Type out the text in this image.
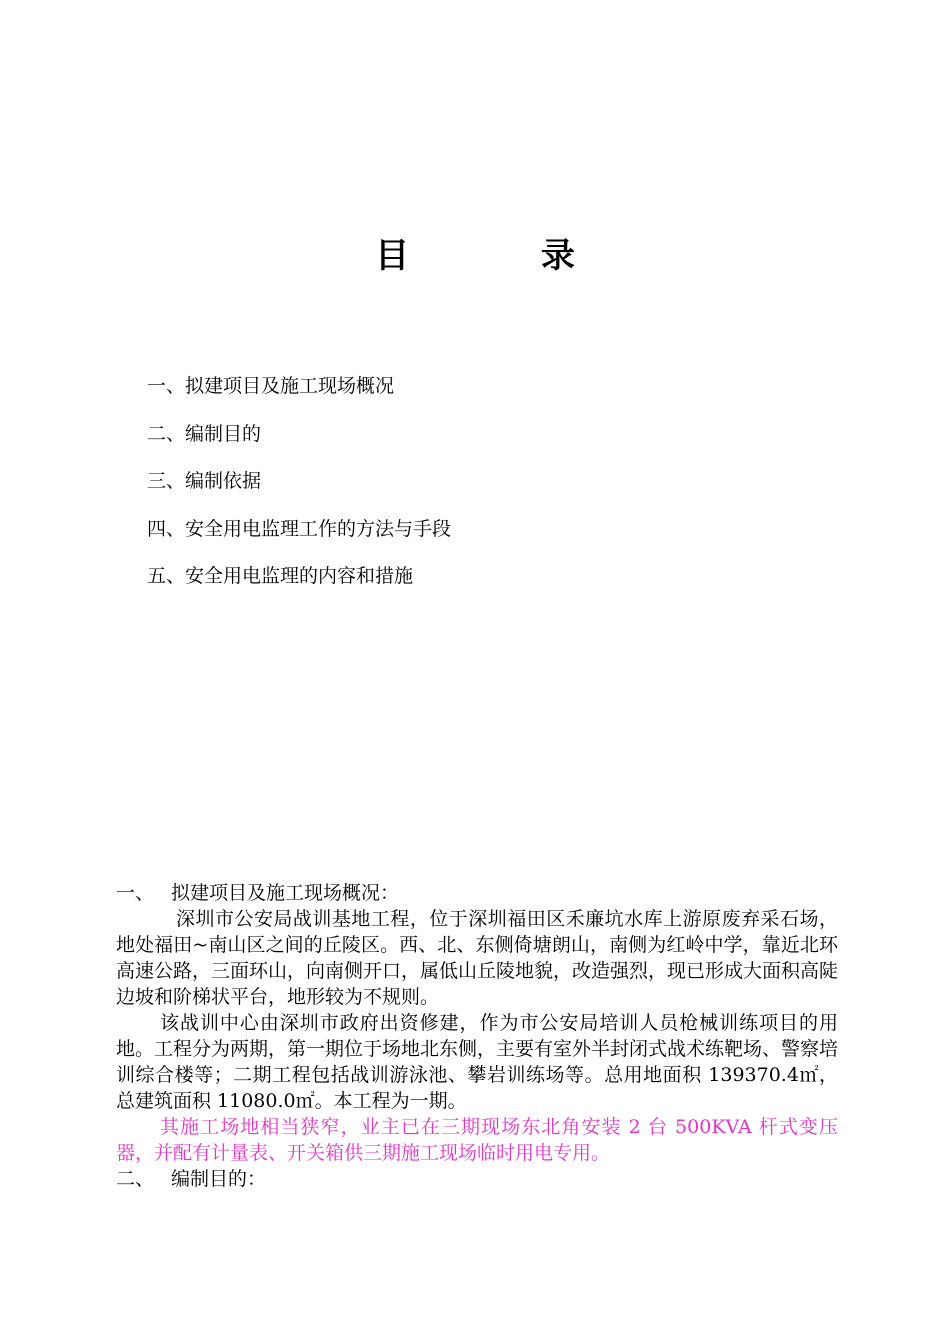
目 录
一、拟建项目及施工现场概况
二、编制目的
三、编制依据
四、安全用电监理工作的方法与手段
五、安全用电监理的内容和措施
一、 拟建项目及施工现场概况：

深圳市公安局战训基地工程，位于深圳福田区禾廉坑水库上游原废弃采石场，地处福田~南山区之间的丘陵区。西、北、东侧倚塘朗山，南侧为红岭中学，靠近北环高速公路，三面环山，向南侧开口，属低山丘陵地貌，改造强烈，现已形成大面积高陡边坡和阶梯状平台，地形较为不规则。

该战训中心由深圳市政府出资修建，作为市公安局培训人员枪械训练项目的用地。工程分为两期，第一期位于场地北东侧，主要有室外半封闭式战术练靶场、警察培训综合楼等；二期工程包括战训游泳池、攀岩训练场等。总用地面积 139370.4㎡，总建筑面积 11080.0㎡。本工程为一期。

其施工场地相当狭窄，业主已在三期现场东北角安装 2 台 500KVA 杆式变压器，并配有计量表、开关箱供三期施工现场临时用电专用。

二、 编制目的：
